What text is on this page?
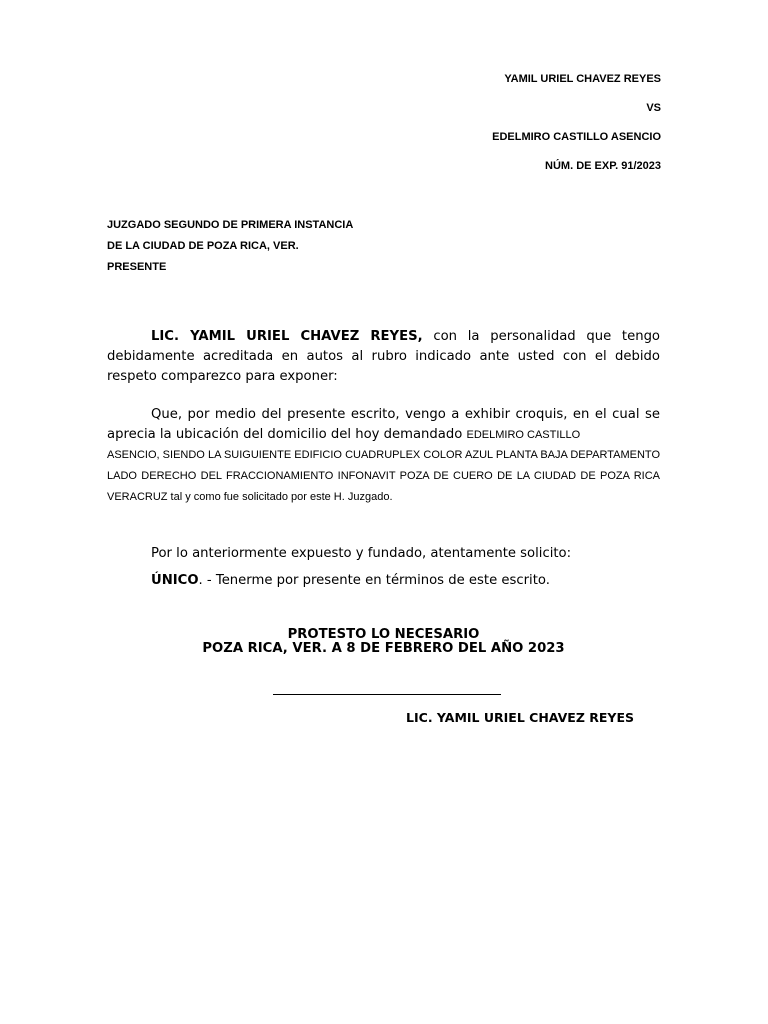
YAMIL URIEL CHAVEZ REYES
VS
EDELMIRO CASTILLO ASENCIO
NÚM. DE EXP. 91/2023
JUZGADO SEGUNDO DE PRIMERA INSTANCIA
DE LA CIUDAD DE POZA RICA, VER.
PRESENTE
LIC. YAMIL URIEL CHAVEZ REYES, con la personalidad que tengo debidamente acreditada en autos al rubro indicado ante usted con el debido respeto comparezco para exponer:
Que, por medio del presente escrito, vengo a exhibir croquis, en el cual se aprecia la ubicación del domicilio del hoy demandado EDELMIRO CASTILLO
ASENCIO, SIENDO LA SUIGUIENTE EDIFICIO CUADRUPLEX COLOR AZUL PLANTA BAJA DEPARTAMENTO LADO DERECHO DEL FRACCIONAMIENTO INFONAVIT POZA DE CUERO DE LA CIUDAD DE POZA RICA VERACRUZ tal y como fue solicitado por este H. Juzgado.
Por lo anteriormente expuesto y fundado, atentamente solicito:
ÚNICO. - Tenerme por presente en términos de este escrito.
PROTESTO LO NECESARIO
POZA RICA, VER. A 8 DE FEBRERO DEL AÑO 2023
LIC. YAMIL URIEL CHAVEZ REYES
